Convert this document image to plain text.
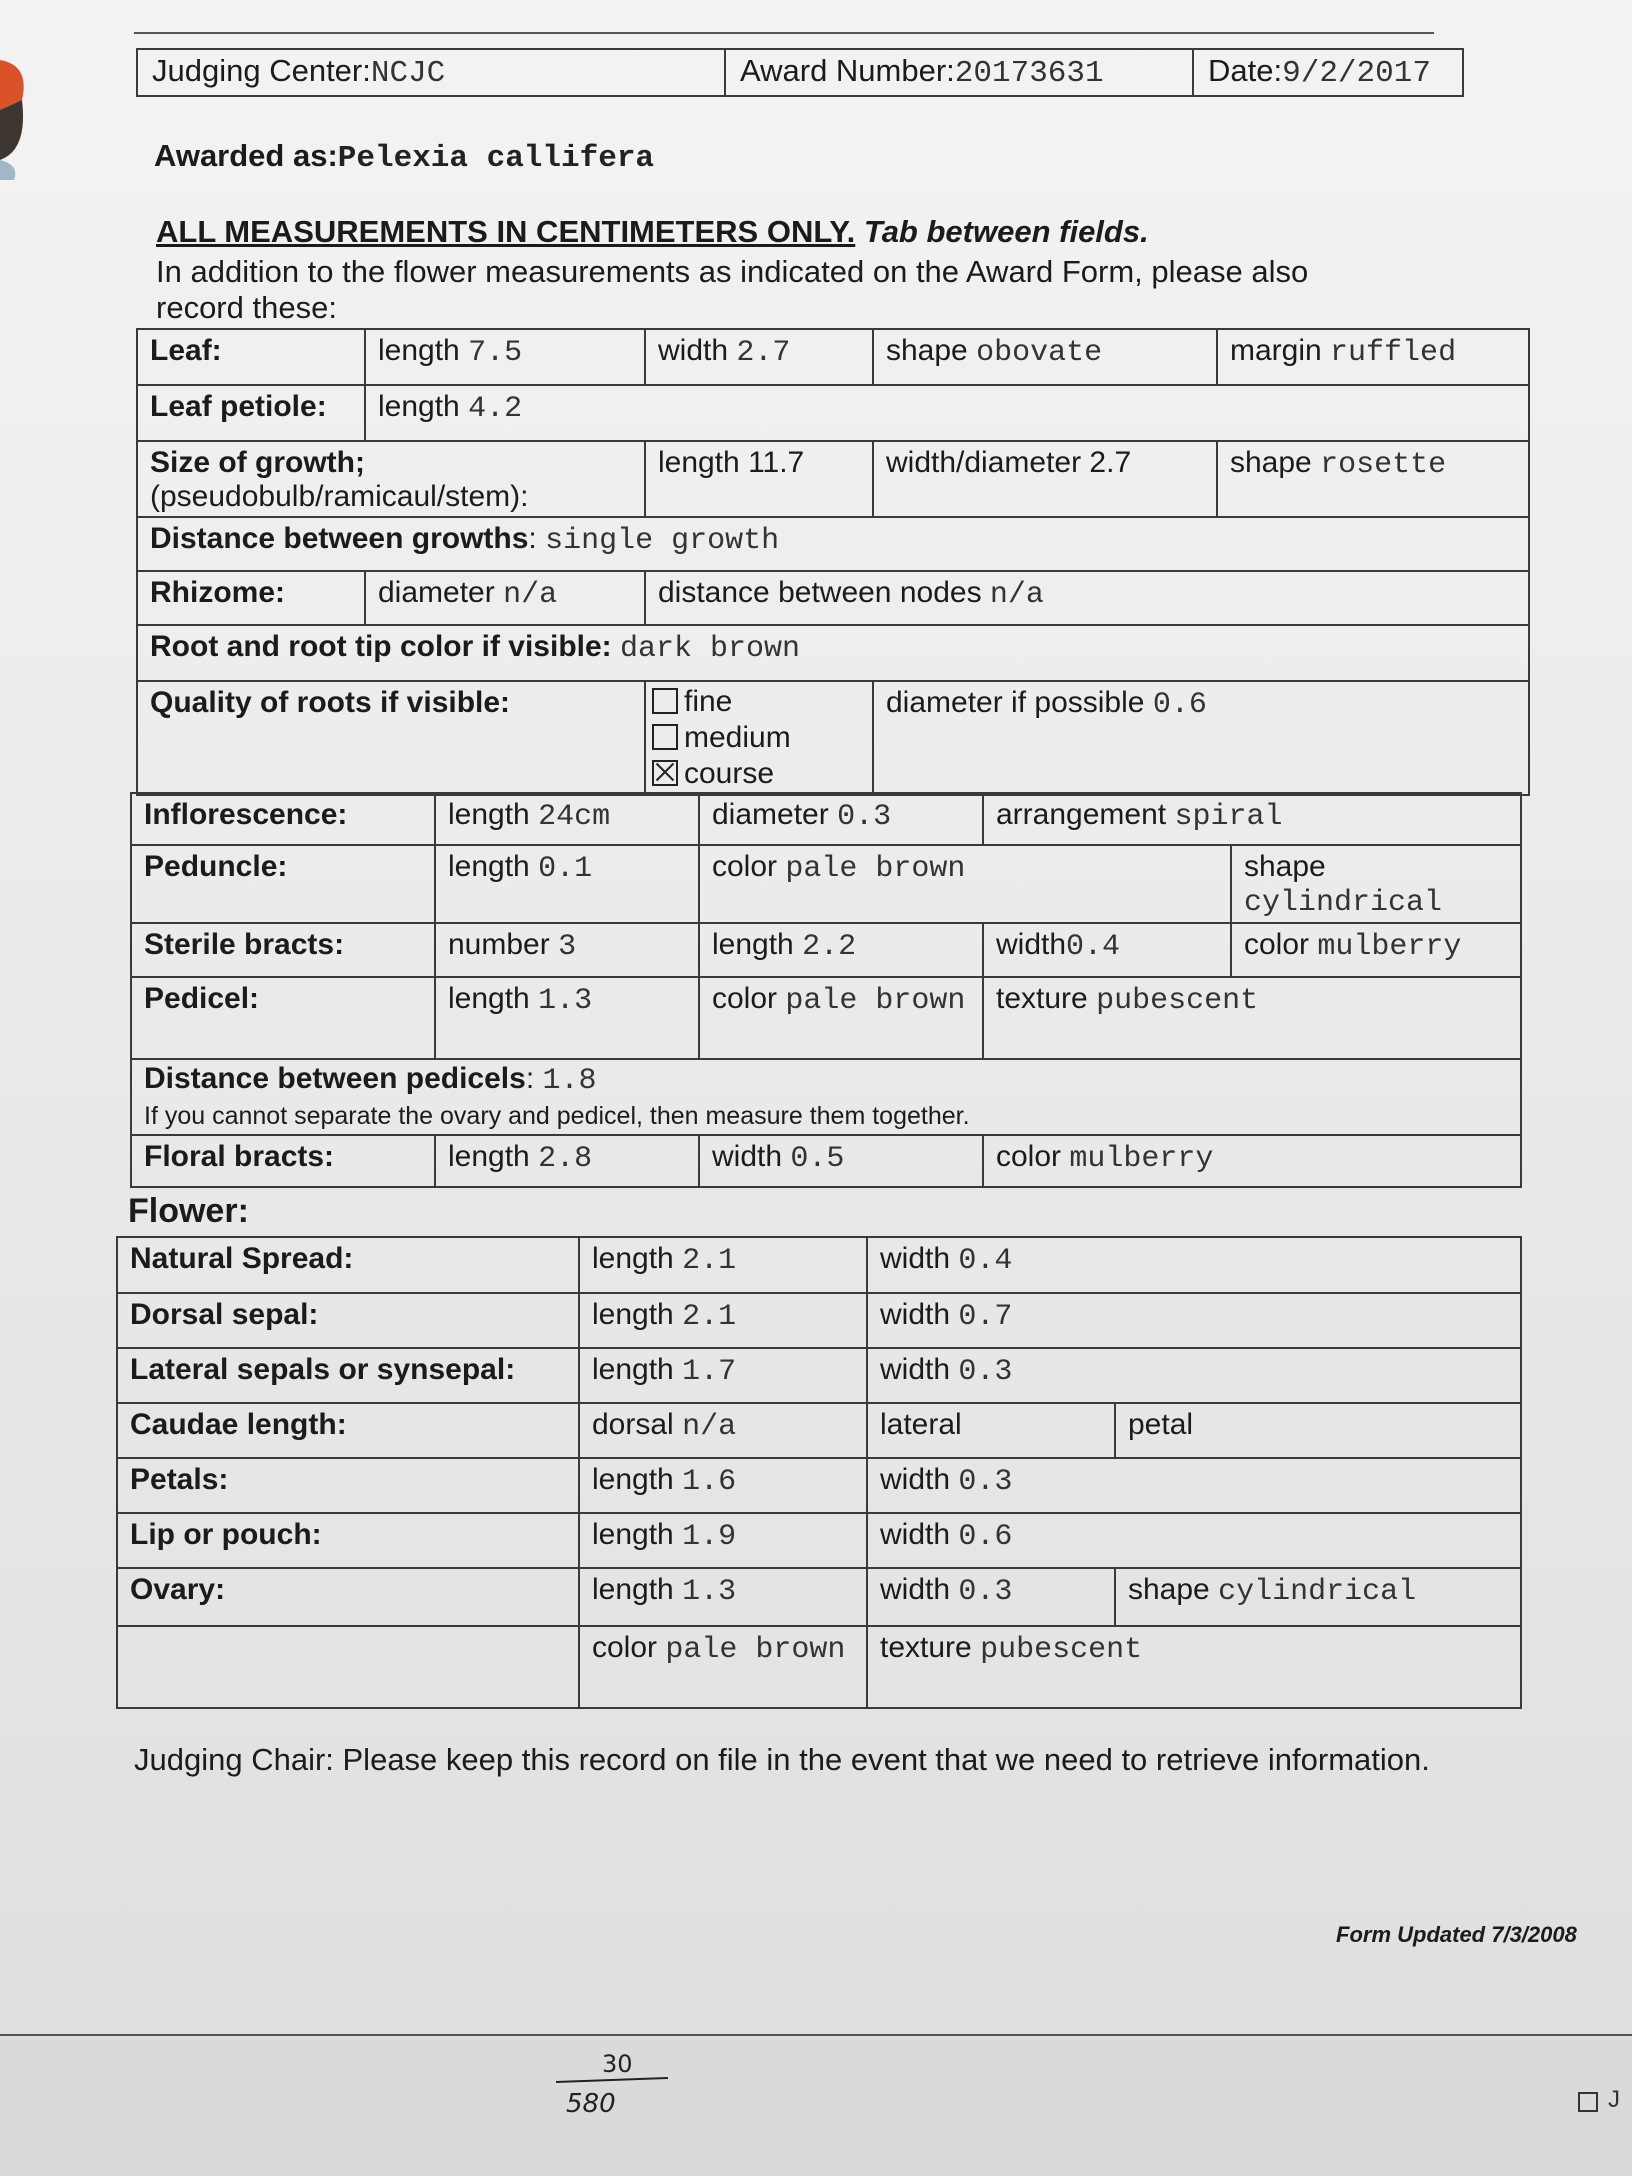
Judging Center:NCJC	Award Number:20173631	Date:9/2/2017
Awarded as:Pelexia callifera
ALL MEASUREMENTS IN CENTIMETERS ONLY. Tab between fields.
In addition to the flower measurements as indicated on the Award Form, please also record these:
Leaf:	length 7.5	width 2.7	shape obovate	margin ruffled
Leaf petiole:	length 4.2			
Size of growth;
(pseudobulb/ramicaul/stem):		length 11.7	width/diameter 2.7	shape rosette
Distance between growths: single growth				
Rhizome:	diameter n/a	distance between nodes n/a		
Root and root tip color if visible: dark brown				
Quality of roots if visible:		fine
medium
course	diameter if possible 0.6	
Inflorescence:	length 24cm	diameter 0.3	arrangement spiral	
Peduncle:	length 0.1	color pale brown		shape cylindrical
Sterile bracts:	number 3	length 2.2	width0.4	color mulberry
Pedicel:	length 1.3	color pale brown	texture pubescent	
Distance between pedicels: 1.8
If you cannot separate the ovary and pedicel, then measure them together.				
Floral bracts:	length 2.8	width 0.5	color mulberry	
Flower:
Natural Spread:	length 2.1	width 0.4	
Dorsal sepal:	length 2.1	width 0.7	
Lateral sepals or synsepal:	length 1.7	width 0.3	
Caudae length:	dorsal n/a	lateral	petal
Petals:	length 1.6	width 0.3	
Lip or pouch:	length 1.9	width 0.6	
Ovary:	length 1.3	width 0.3	shape cylindrical
	color pale brown	texture pubescent	
Judging Chair: Please keep this record on file in the event that we need to retrieve information.
Form Updated 7/3/2008
30
580	J
